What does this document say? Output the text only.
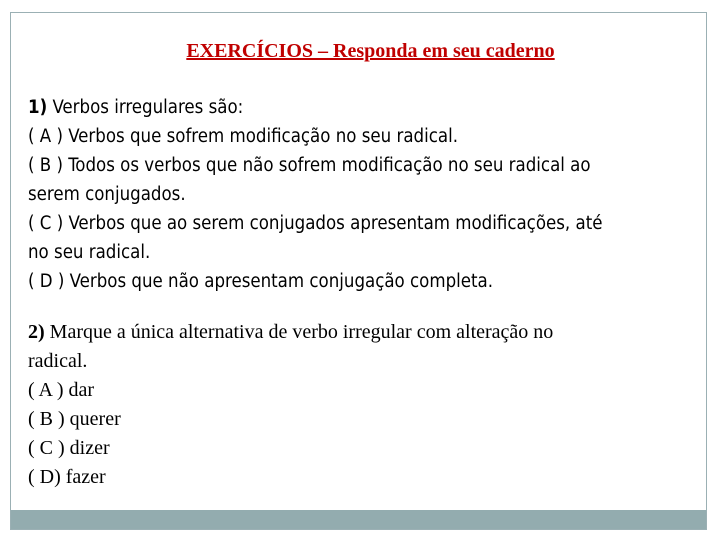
EXERCÍCIOS – Responda em seu caderno
1) Verbos irregulares são:
( A ) Verbos que sofrem modificação no seu radical.
( B ) Todos os verbos que não sofrem modificação no seu radical ao
serem conjugados.
( C ) Verbos que ao serem conjugados apresentam modificações, até
no seu radical.
( D ) Verbos que não apresentam conjugação completa.
2) Marque a única alternativa de verbo irregular com alteração no
radical.
( A ) dar
( B ) querer
( C ) dizer
( D) fazer
